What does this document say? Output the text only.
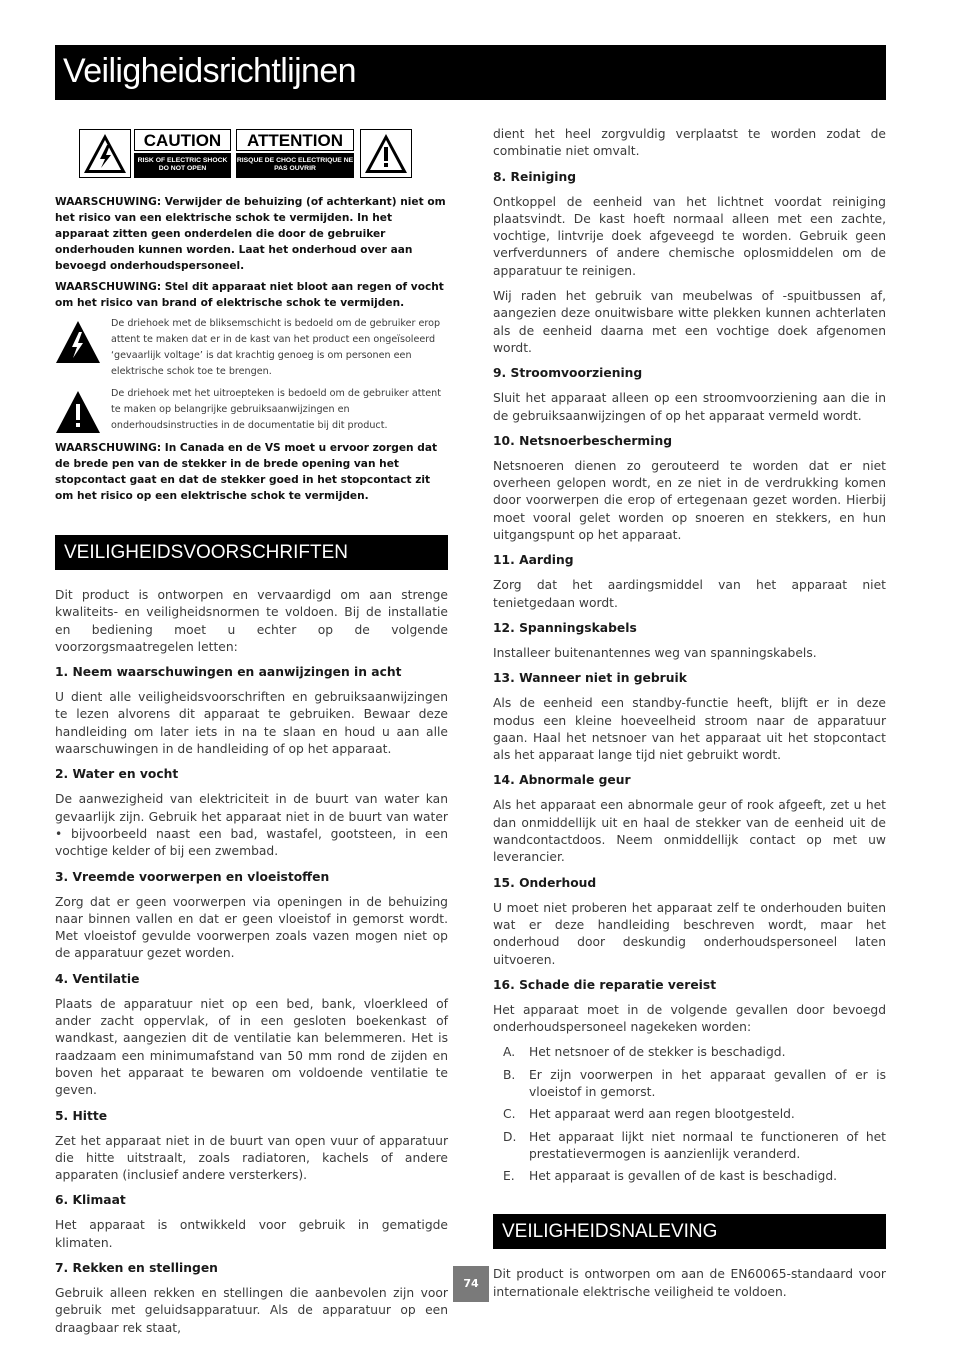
Veiligheidsrichtlijnen
CAUTION
RISK OF ELECTRIC SHOCK DO NOT OPEN
ATTENTION
RISQUE DE CHOC ELECTRIQUE NE PAS OUVRIR
WAARSCHUWING: Verwijder de behuizing (of achterkant) niet om het risico van een elektrische schok te vermijden. In het apparaat zitten geen onderdelen die door de gebruiker onderhouden kunnen worden. Laat het onderhoud over aan bevoegd onderhoudspersoneel.
WAARSCHUWING: Stel dit apparaat niet bloot aan regen of vocht om het risico van brand of elektrische schok te vermijden.
De driehoek met de bliksemschicht is bedoeld om de gebruiker erop attent te maken dat er in de kast van het product een ongeïsoleerd ‘gevaarlijk voltage’ is dat krachtig genoeg is om personen een elektrische schok toe te brengen.
De driehoek met het uitroepteken is bedoeld om de gebruiker attent te maken op belangrijke gebruiksaanwijzingen en onderhoudsinstructies in de documentatie bij dit product.
WAARSCHUWING: In Canada en de VS moet u ervoor zorgen dat de brede pen van de stekker in de brede opening van het stopcontact gaat en dat de stekker goed in het stopcontact zit om het risico op een elektrische schok te vermijden.
VEILIGHEIDSVOORSCHRIFTEN
Dit product is ontworpen en vervaardigd om aan strenge kwaliteits- en veiligheidsnormen te voldoen. Bij de installatie en bediening moet u echter op de volgende voorzorgsmaatregelen letten:
1. Neem waarschuwingen en aanwijzingen in acht
U dient alle veiligheidsvoorschriften en gebruiksaanwijzingen te lezen alvorens dit apparaat te gebruiken. Bewaar deze handleiding om later iets in na te slaan en houd u aan alle waarschuwingen in de handleiding of op het apparaat.
2. Water en vocht
De aanwezigheid van elektriciteit in de buurt van water kan gevaarlijk zijn. Gebruik het apparaat niet in de buurt van water • bijvoorbeeld naast een bad, wastafel, gootsteen, in een vochtige kelder of bij een zwembad.
3. Vreemde voorwerpen en vloeistoffen
Zorg dat er geen voorwerpen via openingen in de behuizing naar binnen vallen en dat er geen vloeistof in gemorst wordt. Met vloeistof gevulde voorwerpen zoals vazen mogen niet op de apparatuur gezet worden.
4. Ventilatie
Plaats de apparatuur niet op een bed, bank, vloerkleed of ander zacht oppervlak, of in een gesloten boekenkast of wandkast, aangezien dit de ventilatie kan belemmeren. Het is raadzaam een minimumafstand van 50 mm rond de zijden en boven het apparaat te bewaren om voldoende ventilatie te geven.
5. Hitte
Zet het apparaat niet in de buurt van open vuur of apparatuur die hitte uitstraalt, zoals radiatoren, kachels of andere apparaten (inclusief andere versterkers).
6. Klimaat
Het apparaat is ontwikkeld voor gebruik in gematigde klimaten.
7. Rekken en stellingen
Gebruik alleen rekken en stellingen die aanbevolen zijn voor gebruik met geluidsapparatuur. Als de apparatuur op een draagbaar rek staat,
dient het heel zorgvuldig verplaatst te worden zodat de combinatie niet omvalt.
8. Reiniging
Ontkoppel de eenheid van het lichtnet voordat reiniging plaatsvindt. De kast hoeft normaal alleen met een zachte, vochtige, lintvrije doek afgeveegd te worden. Gebruik geen verfverdunners of andere chemische oplosmiddelen om de apparatuur te reinigen.
Wij raden het gebruik van meubelwas of -spuitbussen af, aangezien deze onuitwisbare witte plekken kunnen achterlaten als de eenheid daarna met een vochtige doek afgenomen wordt.
9. Stroomvoorziening
Sluit het apparaat alleen op een stroomvoorziening aan die in de gebruiksaanwijzingen of op het apparaat vermeld wordt.
10. Netsnoerbescherming
Netsnoeren dienen zo gerouteerd te worden dat er niet overheen gelopen wordt, en ze niet in de verdrukking komen door voorwerpen die erop of ertegenaan gezet worden. Hierbij moet vooral gelet worden op snoeren en stekkers, en hun uitgangspunt op het apparaat.
11. Aarding
Zorg dat het aardingsmiddel van het apparaat niet tenietgedaan wordt.
12. Spanningskabels
Installeer buitenantennes weg van spanningskabels.
13. Wanneer niet in gebruik
Als de eenheid een standby-functie heeft, blijft er in deze modus een kleine hoeveelheid stroom naar de apparatuur gaan. Haal het netsnoer van het apparaat uit het stopcontact als het apparaat lange tijd niet gebruikt wordt.
14. Abnormale geur
Als het apparaat een abnormale geur of rook afgeeft, zet u het dan onmiddellijk uit en haal de stekker van de eenheid uit de wandcontactdoos. Neem onmiddellijk contact op met uw leverancier.
15. Onderhoud
U moet niet proberen het apparaat zelf te onderhouden buiten wat er deze handleiding beschreven wordt, maar het onderhoud door deskundig onderhoudspersoneel laten uitvoeren.
16. Schade die reparatie vereist
Het apparaat moet in de volgende gevallen door bevoegd onderhoudspersoneel nagekeken worden:
A. Het netsnoer of de stekker is beschadigd.
B. Er zijn voorwerpen in het apparaat gevallen of er is vloeistof in gemorst.
C. Het apparaat werd aan regen blootgesteld.
D. Het apparaat lijkt niet normaal te functioneren of het prestatievermogen is aanzienlijk veranderd.
E. Het apparaat is gevallen of de kast is beschadigd.
VEILIGHEIDSNALEVING
Dit product is ontworpen om aan de EN60065-standaard voor internationale elektrische veiligheid te voldoen.
74
